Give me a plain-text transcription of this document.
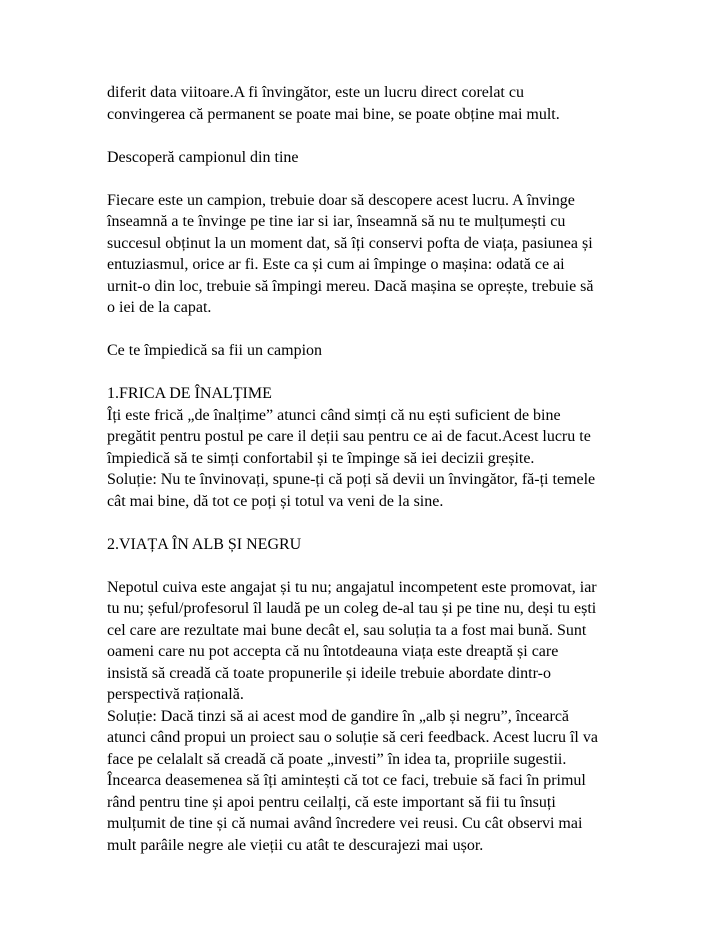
diferit data viitoare.A fi învingător, este un lucru direct corelat cu
convingerea că permanent se poate mai bine, se poate obține mai mult.
Descoperă campionul din tine
Fiecare este un campion, trebuie doar să descopere acest lucru. A învinge
înseamnă a te învinge pe tine iar si iar, înseamnă să nu te mulțumești cu
succesul obținut la un moment dat, să îți conservi pofta de viața, pasiunea și
entuziasmul, orice ar fi. Este ca și cum ai împinge o mașina: odată ce ai
urnit-o din loc, trebuie să împingi mereu. Dacă mașina se oprește, trebuie să
o iei de la capat.
Ce te împiedică sa fii un campion
1.FRICA DE ÎNALȚIME
Îți este frică „de înalțime” atunci când simți că nu ești suficient de bine
pregătit pentru postul pe care il deții sau pentru ce ai de facut.Acest lucru te
împiedică să te simți confortabil și te împinge să iei decizii greșite.
Soluție: Nu te învinovați, spune-ți că poți să devii un învingător, fă-ți temele
cât mai bine, dă tot ce poți și totul va veni de la sine.
2.VIAȚA ÎN ALB ȘI NEGRU
Nepotul cuiva este angajat și tu nu; angajatul incompetent este promovat, iar
tu nu; șeful/profesorul îl laudă pe un coleg de-al tau și pe tine nu, deși tu ești
cel care are rezultate mai bune decât el, sau soluția ta a fost mai bună. Sunt
oameni care nu pot accepta că nu întotdeauna viața este dreaptă și care
insistă să creadă că toate propunerile și ideile trebuie abordate dintr-o
perspectivă rațională.
Soluție: Dacă tinzi să ai acest mod de gandire în „alb și negru”, încearcă
atunci când propui un proiect sau o soluție să ceri feedback. Acest lucru îl va
face pe celalalt să creadă că poate „investi” în idea ta, propriile sugestii.
Încearca deasemenea să îți amintești că tot ce faci, trebuie să faci în primul
rând pentru tine și apoi pentru ceilalți, că este important să fii tu însuți
mulțumit de tine și că numai având încredere vei reusi. Cu cât observi mai
mult parâile negre ale vieții cu atât te descurajezi mai ușor.
